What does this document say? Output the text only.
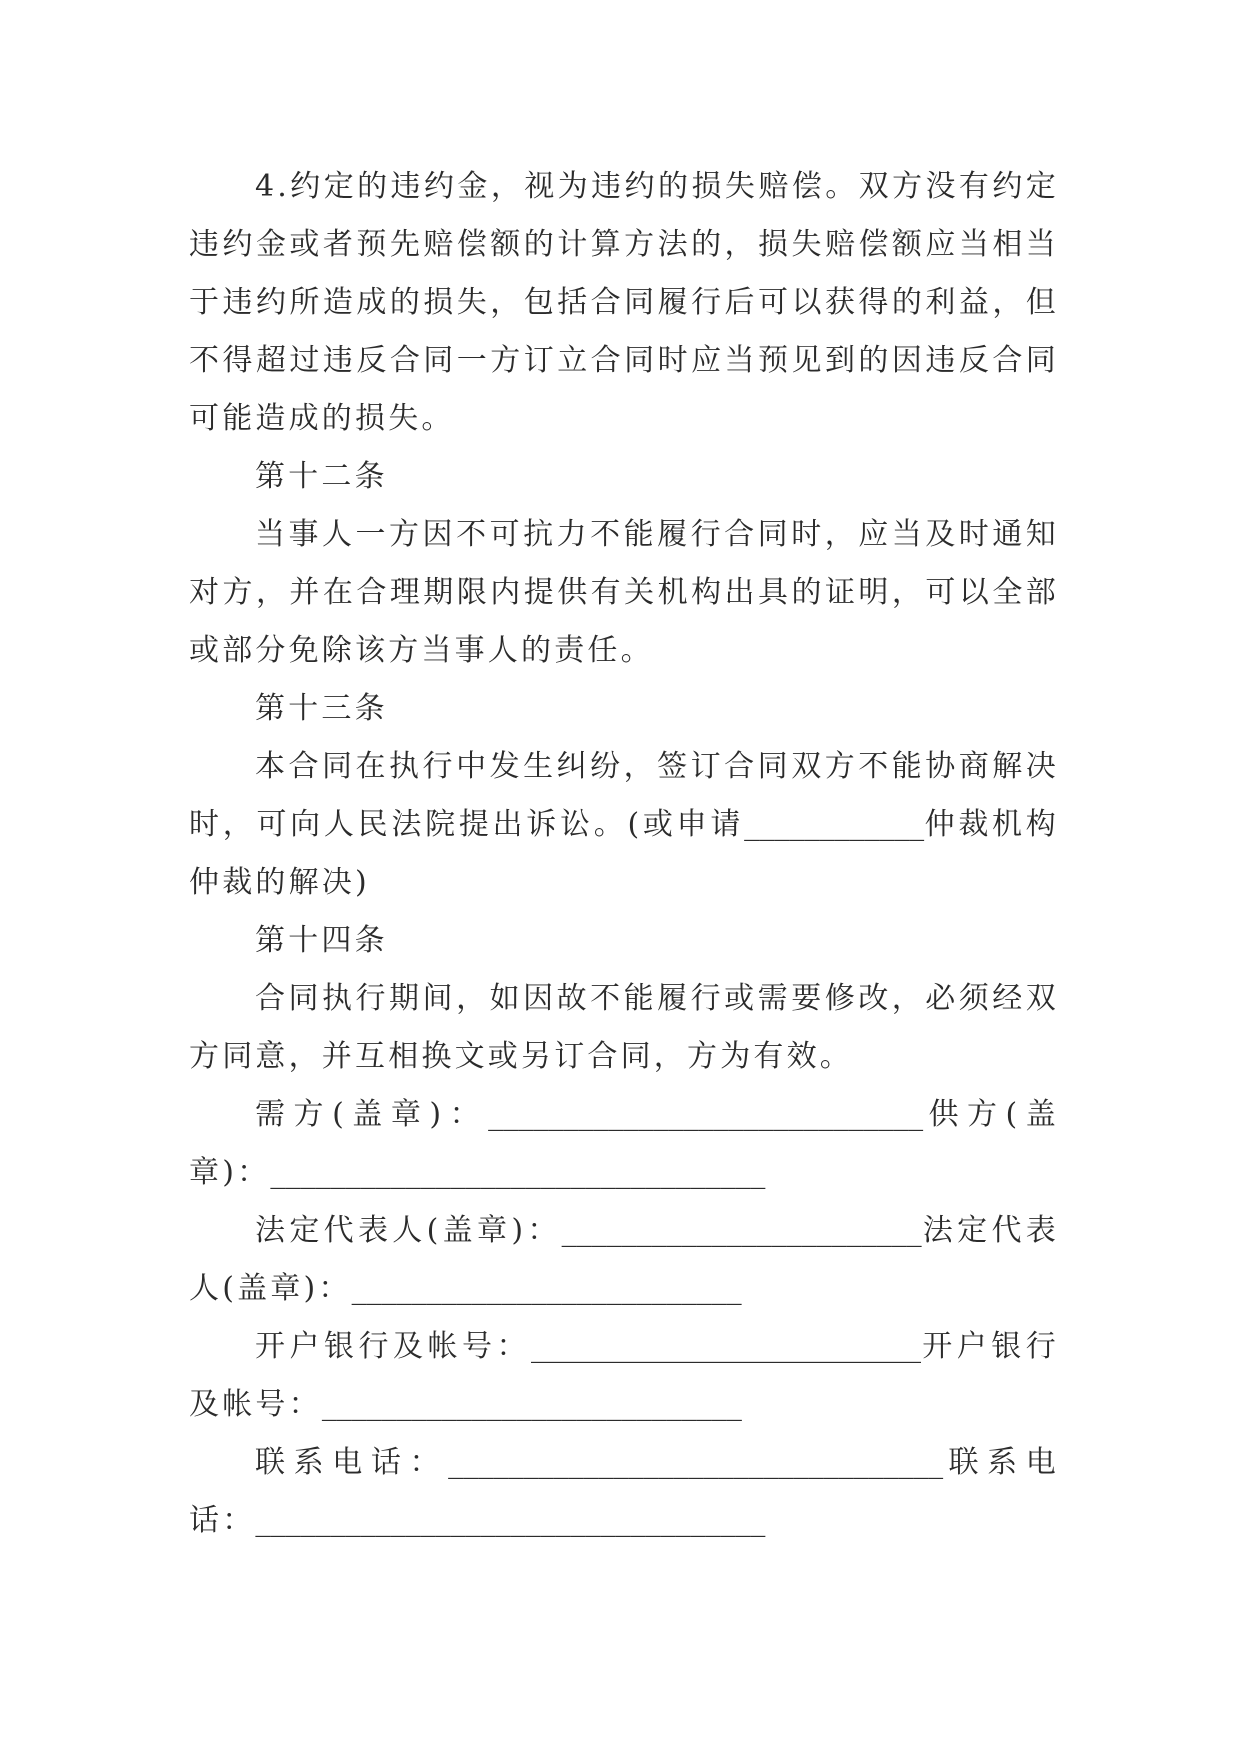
4.约定的违约金，视为违约的损失赔偿。双方没有约定违约金或者预先赔偿额的计算方法的，损失赔偿额应当相当于违约所造成的损失，包括合同履行后可以获得的利益，但不得超过违反合同一方订立合同时应当预见到的因违反合同可能造成的损失。

第十二条

当事人一方因不可抗力不能履行合同时，应当及时通知对方，并在合理期限内提供有关机构出具的证明，可以全部或部分免除该方当事人的责任。

第十三条

本合同在执行中发生纠纷，签订合同双方不能协商解决时，可向人民法院提出诉讼。(或申请____________仲裁机构仲裁的解决)

第十四条

合同执行期间，如因故不能履行或需要修改，必须经双方同意，并互相换文或另订合同，方为有效。

需方(盖章)：_____________________________供方(盖章)：_________________________________

法定代表人(盖章)：________________________法定代表人(盖章)：__________________________

开户银行及帐号：__________________________开户银行及帐号：____________________________

联系电话：_________________________________联系电话：__________________________________
